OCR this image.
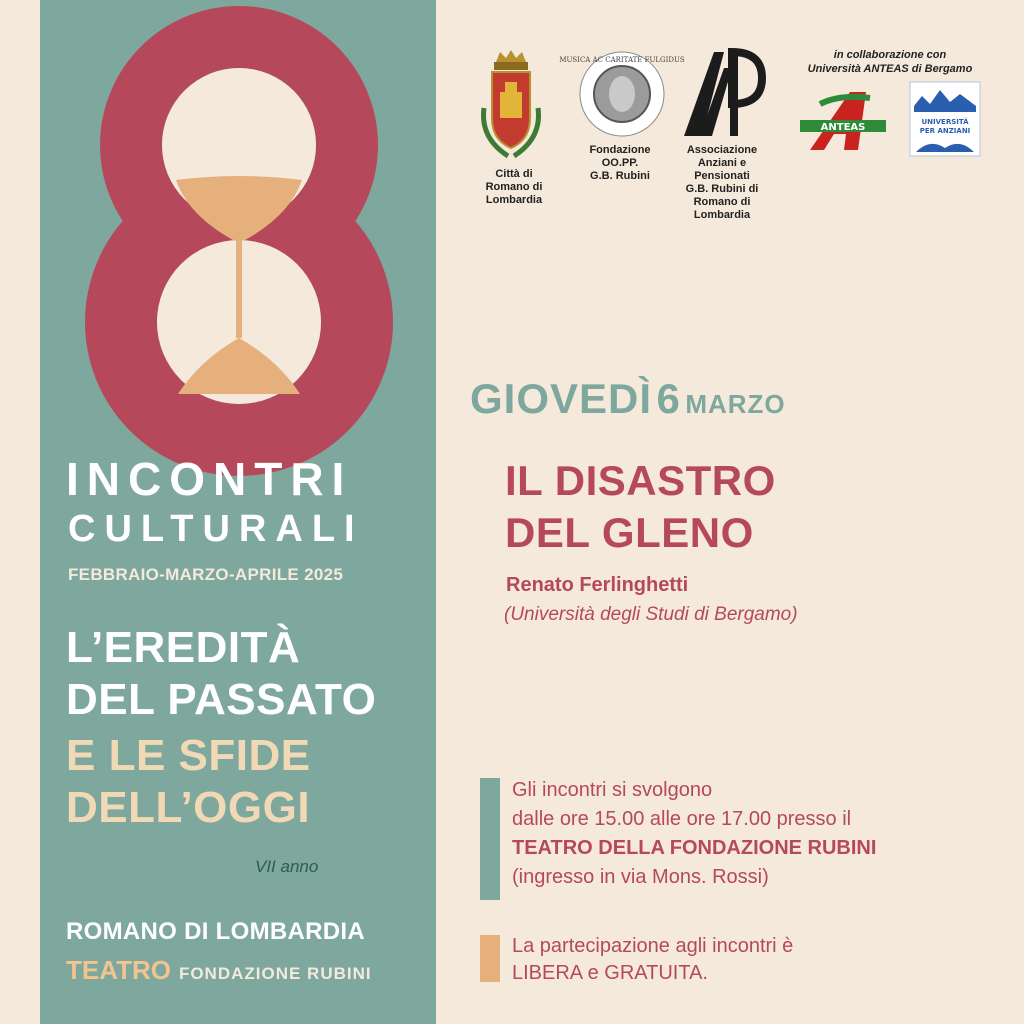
INCONTRI
CULTURALI
FEBBRAIO-MARZO-APRILE 2025
L’EREDITÀ
DEL PASSATO
E LE SFIDE
DELL’OGGI
VII anno
ROMANO DI LOMBARDIA
TEATRO FONDAZIONE RUBINI
Città di
Romano di
Lombardia
MUSICA AC CARITATE FULGIDUS
Fondazione
OO.PP.
G.B. Rubini
Associazione
Anziani e
Pensionati
G.B. Rubini di
Romano di
Lombardia
in collaborazione con
Università ANTEAS di Bergamo
ANTEAS	UNIVERSITÀ
PER ANZIANI
GIOVEDÌ 6 MARZO
IL DISASTRO
DEL GLENO
Renato Ferlinghetti
(Università degli Studi di Bergamo)
Gli incontri si svolgono
dalle ore 15.00 alle ore 17.00 presso il
TEATRO DELLA FONDAZIONE RUBINI
(ingresso in via Mons. Rossi)
La partecipazione agli incontri è
LIBERA e GRATUITA.
